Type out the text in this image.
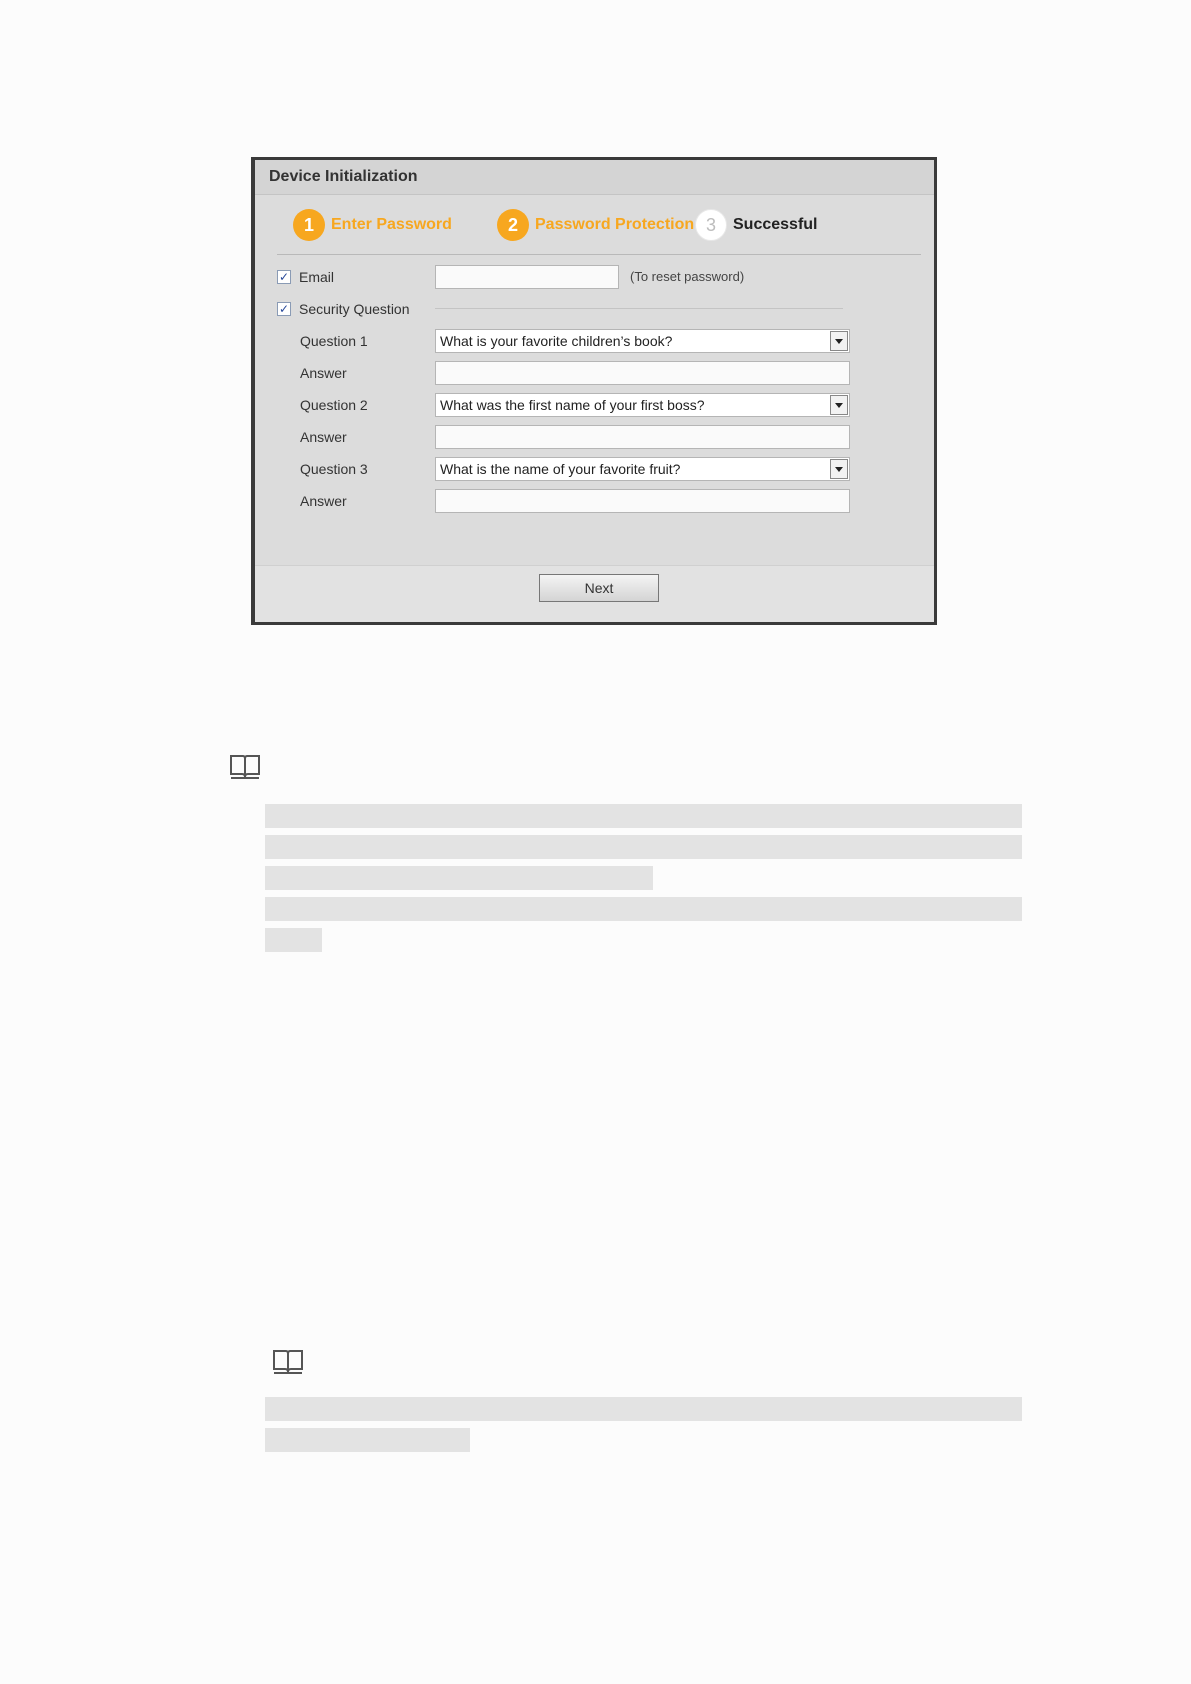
Device Initialization
1	Enter Password	2	Password Protection 3	Successful
✓ Email	(To reset password)
✓ Security Question
Question 1	What is your favorite children’s book?
Answer
Question 2	What was the first name of your first boss?
Answer
Question 3	What is the name of your favorite fruit?
Answer
Next
